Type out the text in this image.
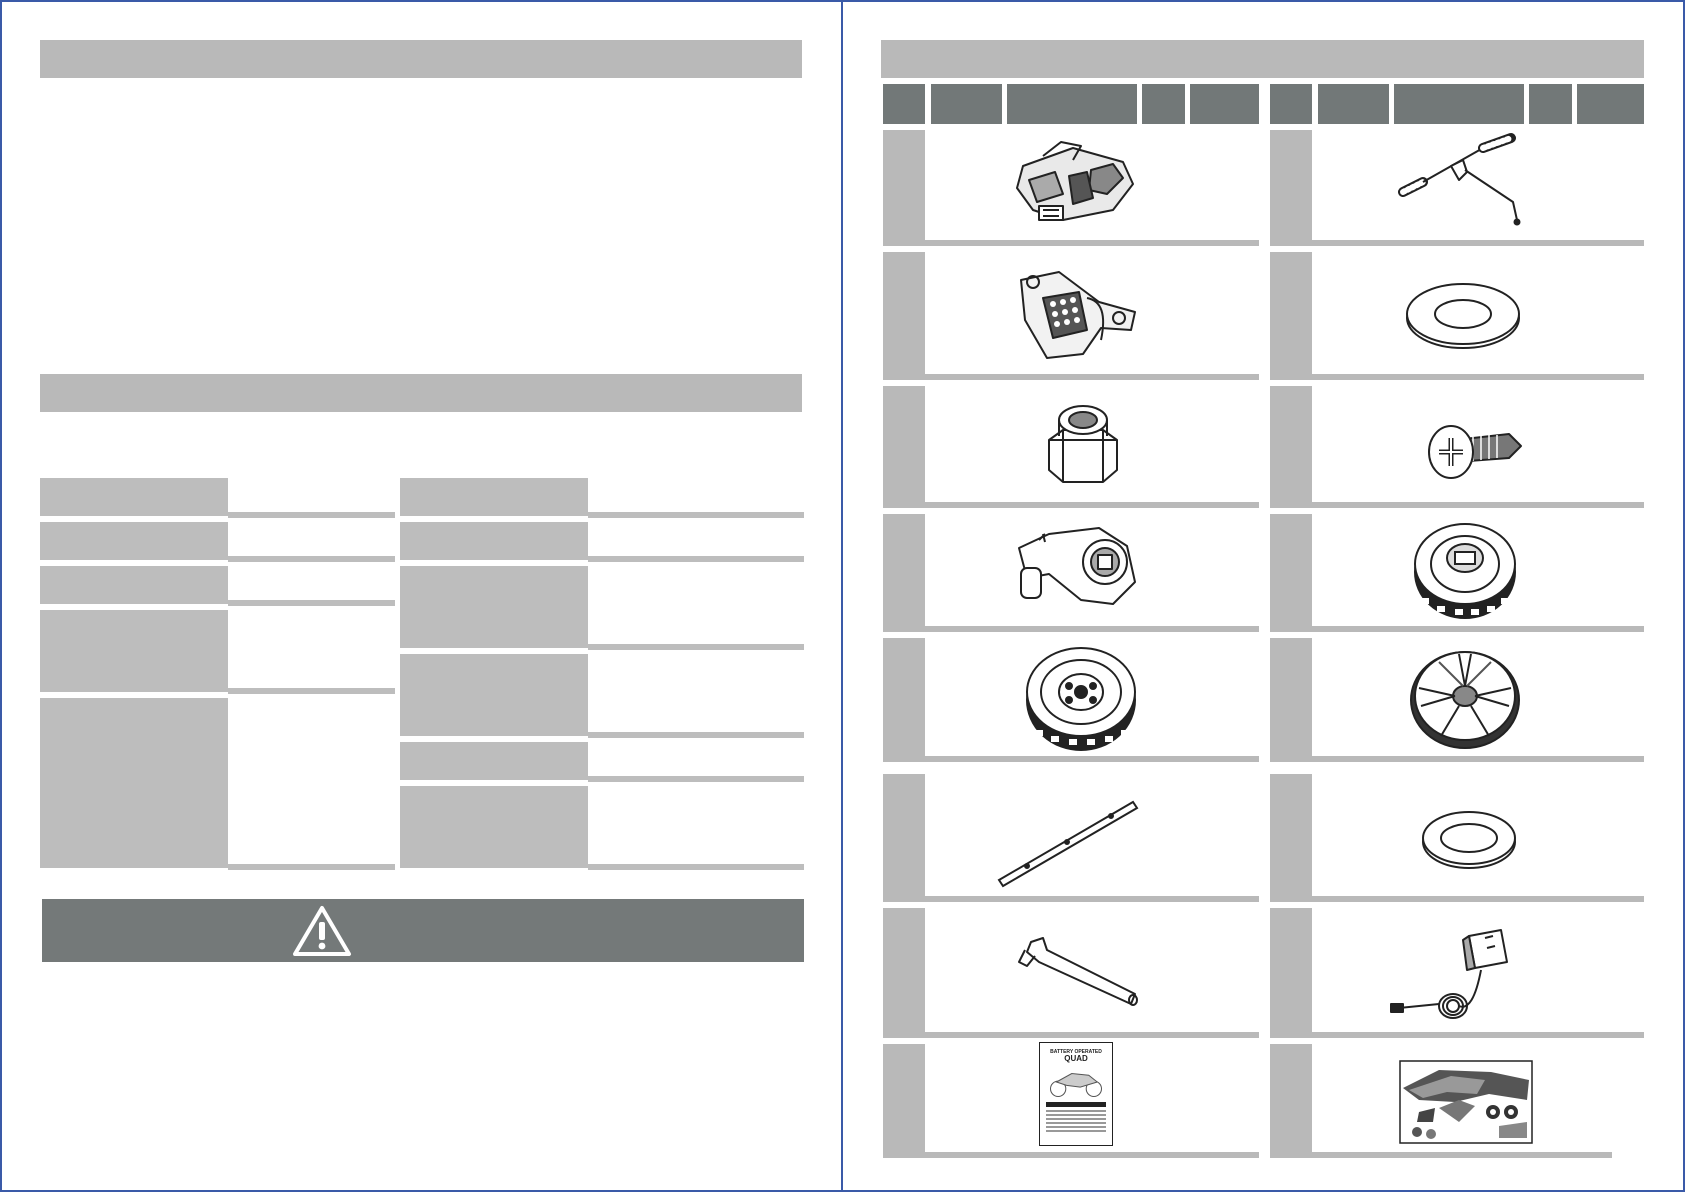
BATTERY OPERATED
QUAD
